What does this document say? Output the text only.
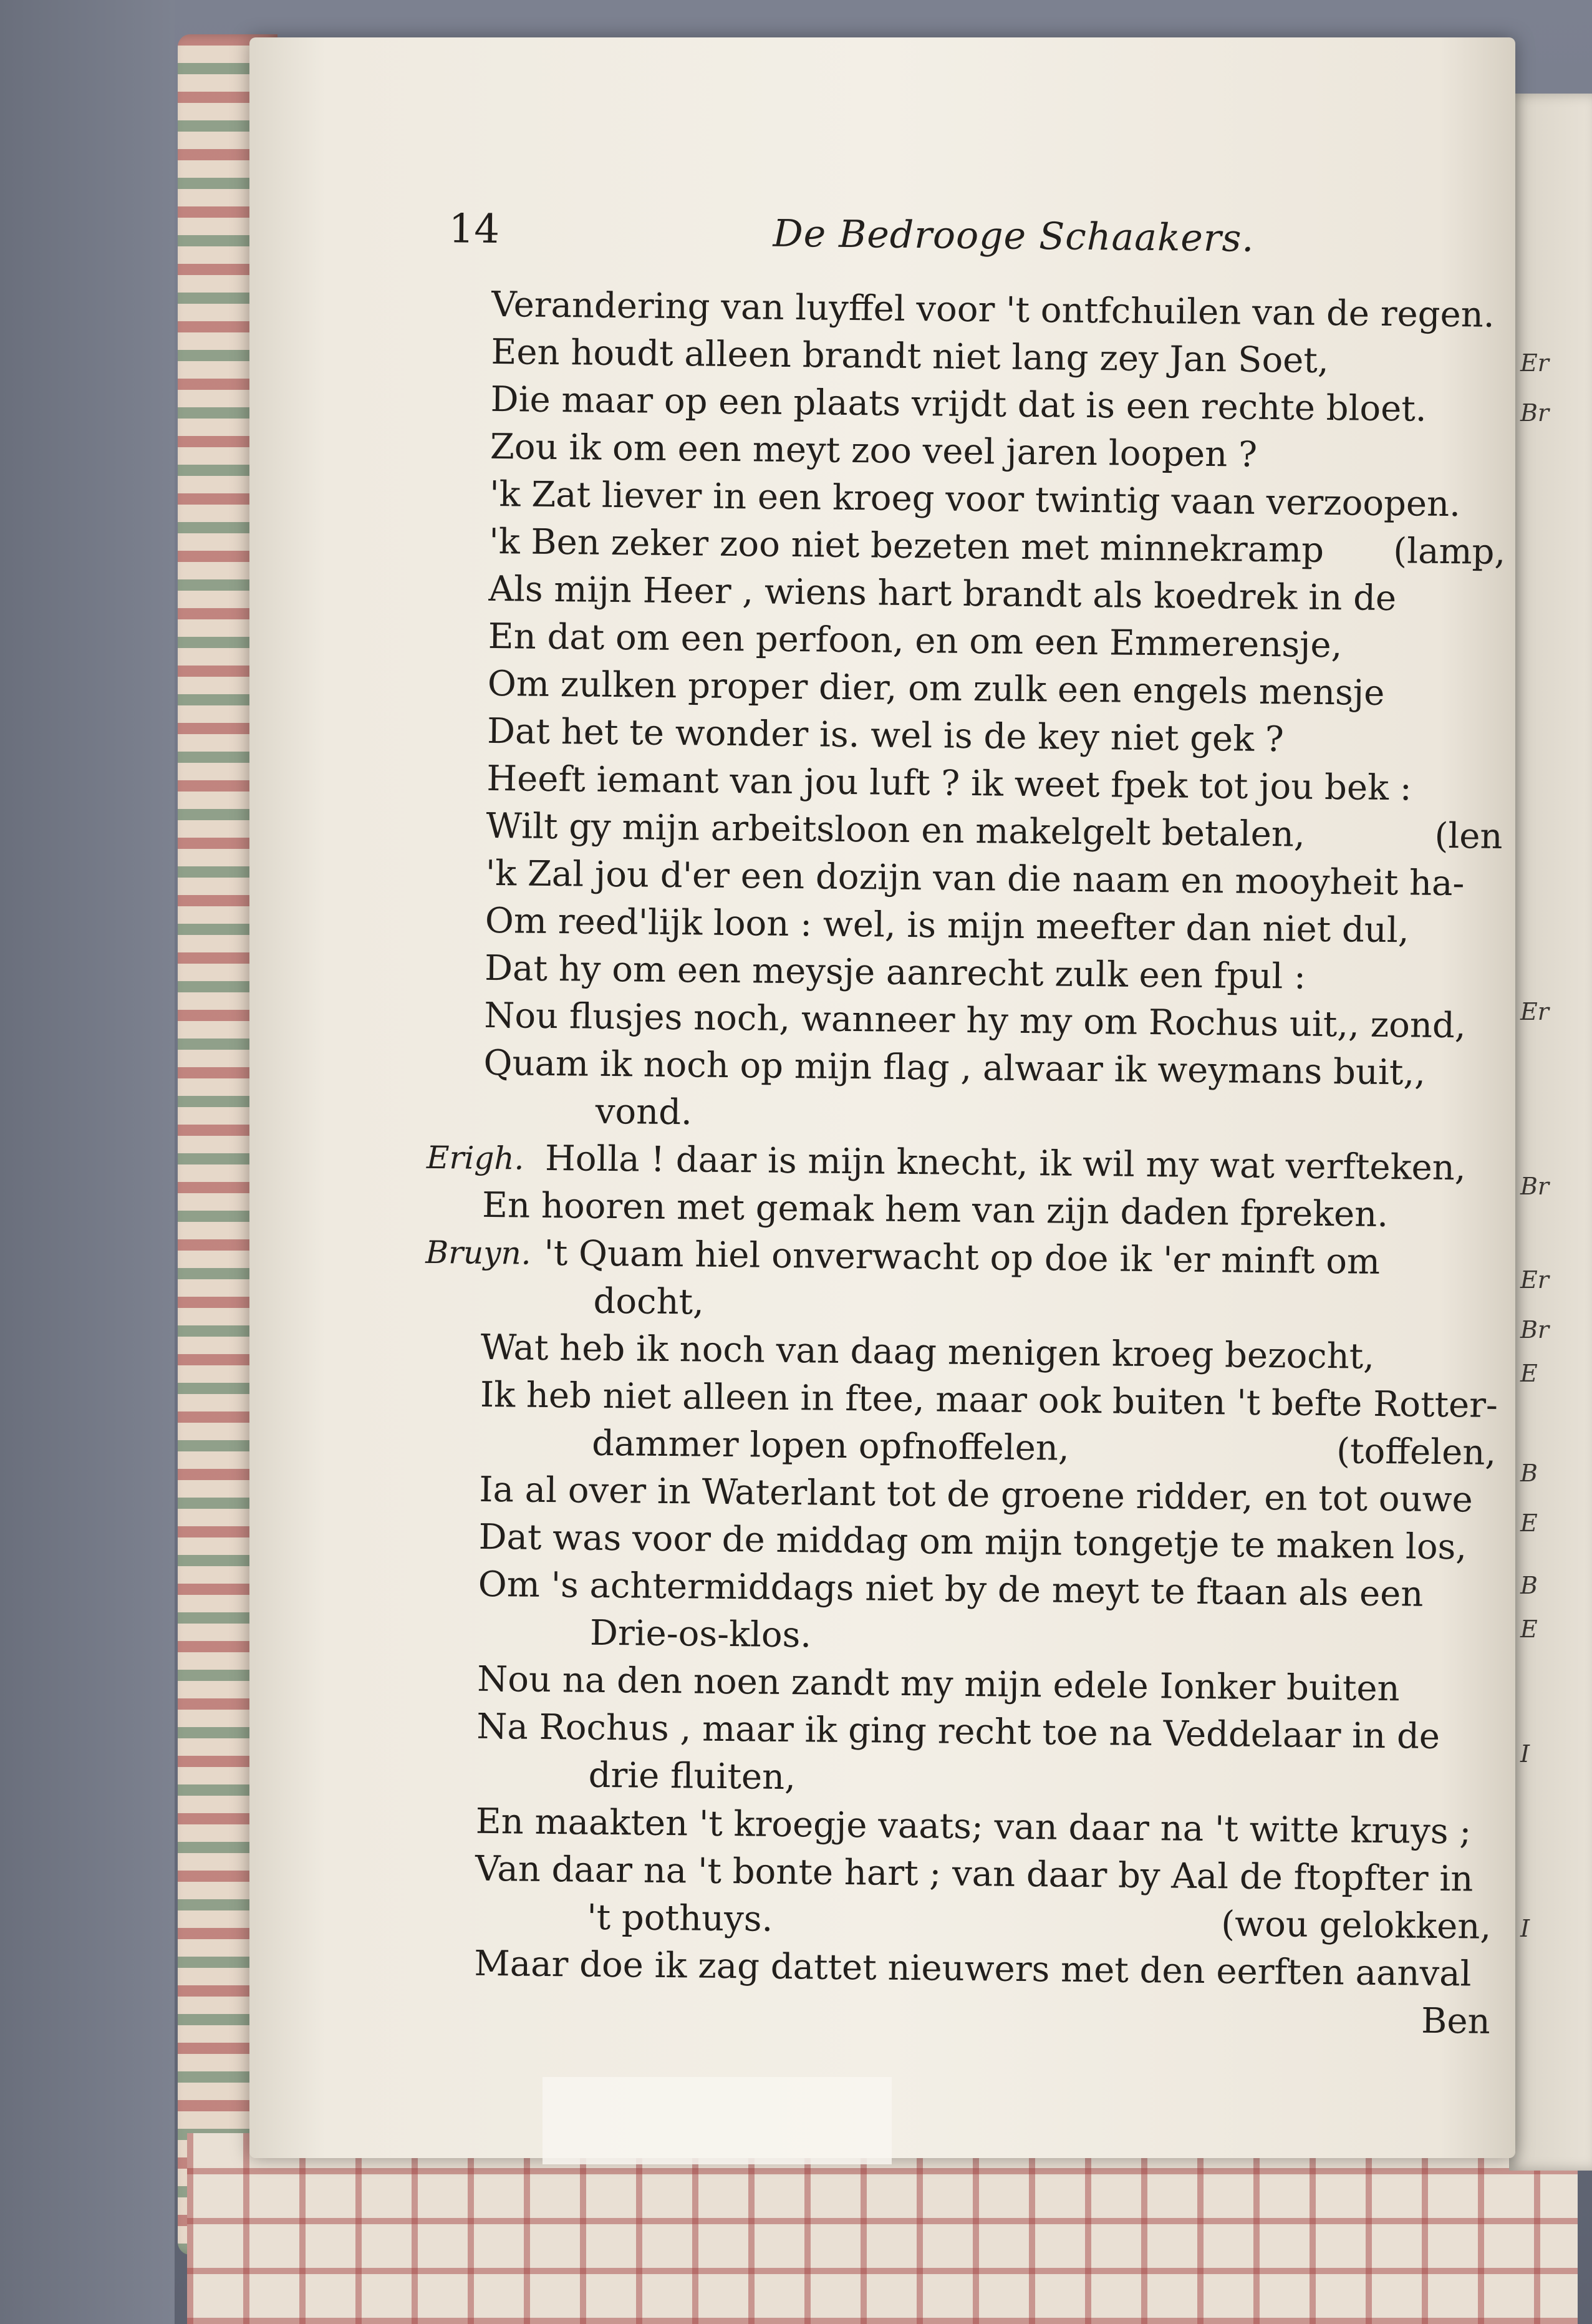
Er
Br
Er
Br
Er
Br
E
B
E
B
E
I
I
14	De Bedrooge Schaakers.
Verandering van luyffel voor 't ontfchuilen van de regen.
Een houdt alleen brandt niet lang zey Jan Soet,
Die maar op een plaats vrijdt dat is een rechte bloet.
Zou ik om een meyt zoo veel jaren loopen ?
'k Zat liever in een kroeg voor twintig vaan verzoopen.
'k Ben zeker zoo niet bezeten met minnekramp (lamp,
Als mijn Heer , wiens hart brandt als koedrek in de
En dat om een perfoon, en om een Emmerensje,
Om zulken proper dier, om zulk een engels mensje
Dat het te wonder is. wel is de key niet gek ?
Heeft iemant van jou luft ? ik weet fpek tot jou bek :
Wilt gy mijn arbeitsloon en makelgelt betalen,	(len
'k Zal jou d'er een dozijn van die naam en mooyheit ha-
Om reed'lijk loon : wel, is mijn meefter dan niet dul,
Dat hy om een meysje aanrecht zulk een fpul :
Nou flusjes noch, wanneer hy my om Rochus uit,, zond,
Quam ik noch op mijn flag , alwaar ik weymans buit,,
vond.
Erigh. Holla ! daar is mijn knecht, ik wil my wat verfteken,
En hooren met gemak hem van zijn daden fpreken.
Bruyn. 't Quam hiel onverwacht op doe ik 'er minft om
docht,
Wat heb ik noch van daag menigen kroeg bezocht,
Ik heb niet alleen in ftee, maar ook buiten 't befte Rotter-
dammer lopen opfnoffelen,	(toffelen,
Ia al over in Waterlant tot de groene ridder, en tot ouwe
Dat was voor de middag om mijn tongetje te maken los,
Om 's achtermiddags niet by de meyt te ftaan als een
Drie-os-klos.
Nou na den noen zandt my mijn edele Ionker buiten
Na Rochus , maar ik ging recht toe na Veddelaar in de
drie fluiten,
En maakten 't kroegje vaats; van daar na 't witte kruys ;
Van daar na 't bonte hart ; van daar by Aal de ftopfter in
't pothuys.	(wou gelokken,
Maar doe ik zag dattet nieuwers met den eerften aanval
Ben
